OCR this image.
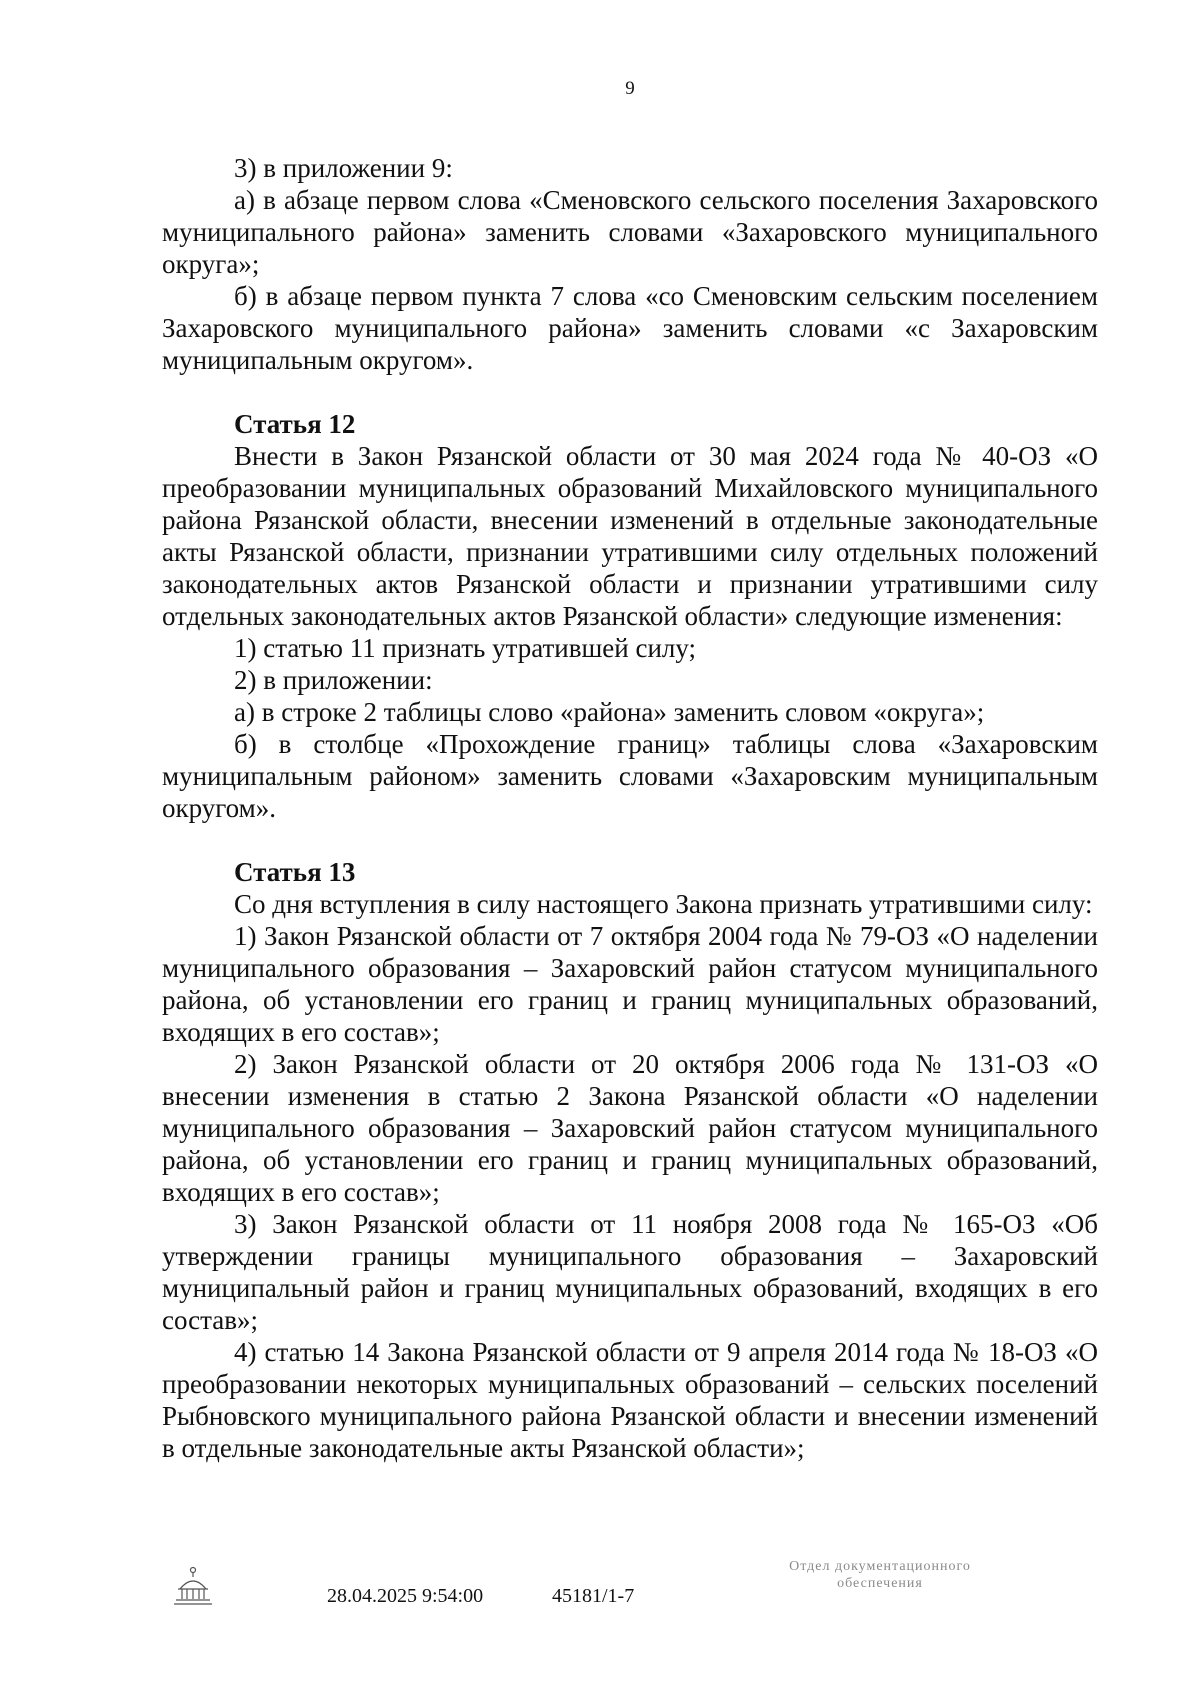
9
3) в приложении 9:
а) в абзаце первом слова «Сменовского сельского поселения Захаровского муниципального района» заменить словами «Захаровского муниципального округа»;
б) в абзаце первом пункта 7 слова «со Сменовским сельским поселением Захаровского муниципального района» заменить словами «с Захаровским муниципальным округом».
Статья 12
Внести в Закон Рязанской области от 30 мая 2024 года № 40-ОЗ «О преобразовании муниципальных образований Михайловского муниципального района Рязанской области, внесении изменений в отдельные законодательные акты Рязанской области, признании утратившими силу отдельных положений законодательных актов Рязанской области и признании утратившими силу отдельных законодательных актов Рязанской области» следующие изменения:
1) статью 11 признать утратившей силу;
2) в приложении:
а) в строке 2 таблицы слово «района» заменить словом «округа»;
б) в столбце «Прохождение границ» таблицы слова «Захаровским муниципальным районом» заменить словами «Захаровским муниципальным округом».
Статья 13
Со дня вступления в силу настоящего Закона признать утратившими силу:
1) Закон Рязанской области от 7 октября 2004 года № 79-ОЗ «О наделении муниципального образования – Захаровский район статусом муниципального района, об установлении его границ и границ муниципальных образований, входящих в его состав»;
2) Закон Рязанской области от 20 октября 2006 года № 131-ОЗ «О внесении изменения в статью 2 Закона Рязанской области «О наделении муниципального образования – Захаровский район статусом муниципального района, об установлении его границ и границ муниципальных образований, входящих в его состав»;
3) Закон Рязанской области от 11 ноября 2008 года № 165-ОЗ «Об утверждении границы муниципального образования – Захаровский муниципальный район и границ муниципальных образований, входящих в его состав»;
4) статью 14 Закона Рязанской области от 9 апреля 2014 года № 18-ОЗ «О преобразовании некоторых муниципальных образований – сельских поселений Рыбновского муниципального района Рязанской области и внесении изменений в отдельные законодательные акты Рязанской области»;
28.04.2025 9:54:00	45181/1-7
Отдел документационного
обеспечения
